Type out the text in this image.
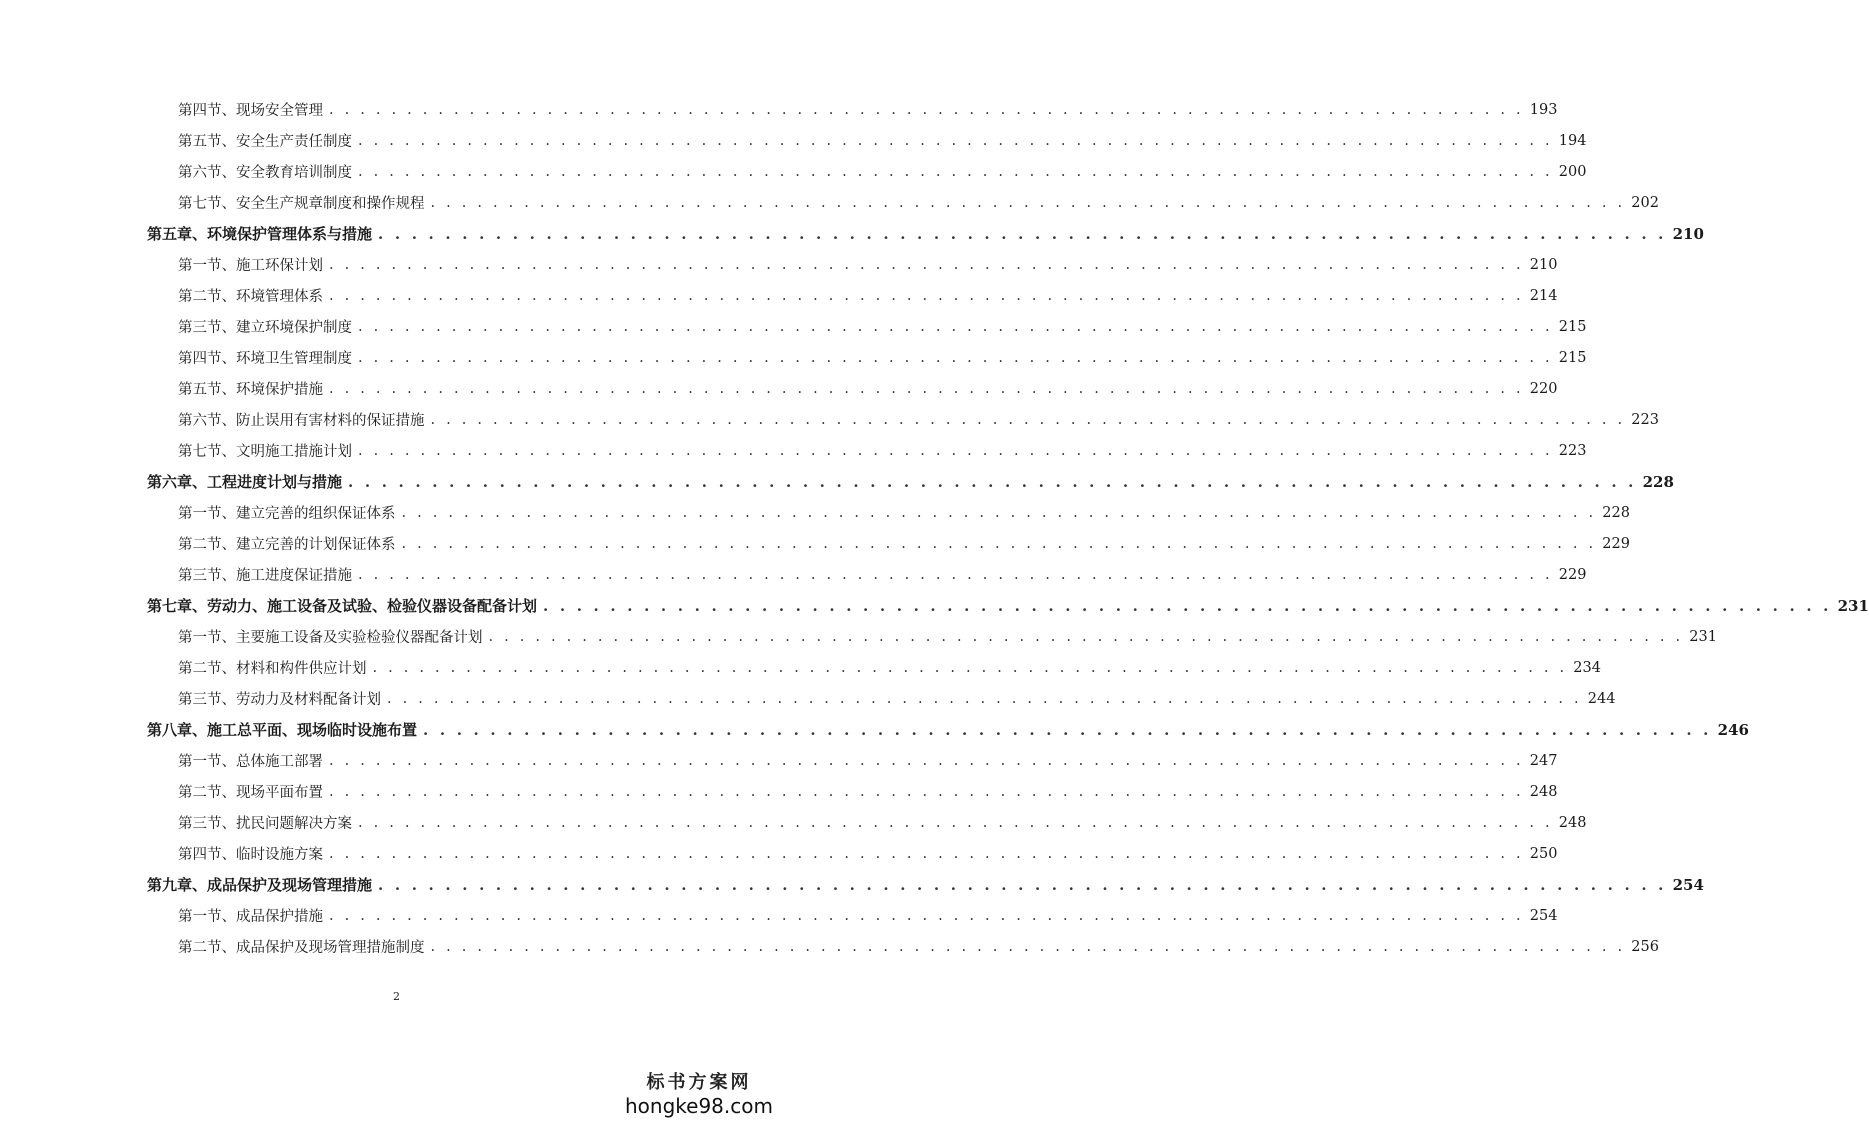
第四节、现场安全管理 . . . . . . . . . . . . . . . . . . . . . . . . . . . . . . . . . . . . . . . . . . . . . . . . . . . . . . . . . . . . . . . . . . . . . . . . . . . . . 193
第五节、安全生产责任制度 . . . . . . . . . . . . . . . . . . . . . . . . . . . . . . . . . . . . . . . . . . . . . . . . . . . . . . . . . . . . . . . . . . . . . . . . . . . . . 194
第六节、安全教育培训制度 . . . . . . . . . . . . . . . . . . . . . . . . . . . . . . . . . . . . . . . . . . . . . . . . . . . . . . . . . . . . . . . . . . . . . . . . . . . . . 200
第七节、安全生产规章制度和操作规程 . . . . . . . . . . . . . . . . . . . . . . . . . . . . . . . . . . . . . . . . . . . . . . . . . . . . . . . . . . . . . . . . . . . . . . . . . . . . . 202
第五章、环境保护管理体系与措施 . . . . . . . . . . . . . . . . . . . . . . . . . . . . . . . . . . . . . . . . . . . . . . . . . . . . . . . . . . . . . . . . . . . . . . . . . . . . . 210
第一节、施工环保计划 . . . . . . . . . . . . . . . . . . . . . . . . . . . . . . . . . . . . . . . . . . . . . . . . . . . . . . . . . . . . . . . . . . . . . . . . . . . . . 210
第二节、环境管理体系 . . . . . . . . . . . . . . . . . . . . . . . . . . . . . . . . . . . . . . . . . . . . . . . . . . . . . . . . . . . . . . . . . . . . . . . . . . . . . 214
第三节、建立环境保护制度 . . . . . . . . . . . . . . . . . . . . . . . . . . . . . . . . . . . . . . . . . . . . . . . . . . . . . . . . . . . . . . . . . . . . . . . . . . . . . 215
第四节、环境卫生管理制度 . . . . . . . . . . . . . . . . . . . . . . . . . . . . . . . . . . . . . . . . . . . . . . . . . . . . . . . . . . . . . . . . . . . . . . . . . . . . . 215
第五节、环境保护措施 . . . . . . . . . . . . . . . . . . . . . . . . . . . . . . . . . . . . . . . . . . . . . . . . . . . . . . . . . . . . . . . . . . . . . . . . . . . . . 220
第六节、防止误用有害材料的保证措施 . . . . . . . . . . . . . . . . . . . . . . . . . . . . . . . . . . . . . . . . . . . . . . . . . . . . . . . . . . . . . . . . . . . . . . . . . . . . . 223
第七节、文明施工措施计划 . . . . . . . . . . . . . . . . . . . . . . . . . . . . . . . . . . . . . . . . . . . . . . . . . . . . . . . . . . . . . . . . . . . . . . . . . . . . . 223
第六章、工程进度计划与措施 . . . . . . . . . . . . . . . . . . . . . . . . . . . . . . . . . . . . . . . . . . . . . . . . . . . . . . . . . . . . . . . . . . . . . . . . . . . . . 228
第一节、建立完善的组织保证体系 . . . . . . . . . . . . . . . . . . . . . . . . . . . . . . . . . . . . . . . . . . . . . . . . . . . . . . . . . . . . . . . . . . . . . . . . . . . . . 228
第二节、建立完善的计划保证体系 . . . . . . . . . . . . . . . . . . . . . . . . . . . . . . . . . . . . . . . . . . . . . . . . . . . . . . . . . . . . . . . . . . . . . . . . . . . . . 229
第三节、施工进度保证措施 . . . . . . . . . . . . . . . . . . . . . . . . . . . . . . . . . . . . . . . . . . . . . . . . . . . . . . . . . . . . . . . . . . . . . . . . . . . . . 229
第七章、劳动力、施工设备及试验、检验仪器设备配备计划 . . . . . . . . . . . . . . . . . . . . . . . . . . . . . . . . . . . . . . . . . . . . . . . . . . . . . . . . . . . . . . . . . . . . . . . . . . . . . 231
第一节、主要施工设备及实验检验仪器配备计划 . . . . . . . . . . . . . . . . . . . . . . . . . . . . . . . . . . . . . . . . . . . . . . . . . . . . . . . . . . . . . . . . . . . . . . . . . . . . . 231
第二节、材料和构件供应计划 . . . . . . . . . . . . . . . . . . . . . . . . . . . . . . . . . . . . . . . . . . . . . . . . . . . . . . . . . . . . . . . . . . . . . . . . . . . . . 234
第三节、劳动力及材料配备计划 . . . . . . . . . . . . . . . . . . . . . . . . . . . . . . . . . . . . . . . . . . . . . . . . . . . . . . . . . . . . . . . . . . . . . . . . . . . . . 244
第八章、施工总平面、现场临时设施布置 . . . . . . . . . . . . . . . . . . . . . . . . . . . . . . . . . . . . . . . . . . . . . . . . . . . . . . . . . . . . . . . . . . . . . . . . . . . . . 246
第一节、总体施工部署 . . . . . . . . . . . . . . . . . . . . . . . . . . . . . . . . . . . . . . . . . . . . . . . . . . . . . . . . . . . . . . . . . . . . . . . . . . . . . 247
第二节、现场平面布置 . . . . . . . . . . . . . . . . . . . . . . . . . . . . . . . . . . . . . . . . . . . . . . . . . . . . . . . . . . . . . . . . . . . . . . . . . . . . . 248
第三节、扰民问题解决方案 . . . . . . . . . . . . . . . . . . . . . . . . . . . . . . . . . . . . . . . . . . . . . . . . . . . . . . . . . . . . . . . . . . . . . . . . . . . . . 248
第四节、临时设施方案 . . . . . . . . . . . . . . . . . . . . . . . . . . . . . . . . . . . . . . . . . . . . . . . . . . . . . . . . . . . . . . . . . . . . . . . . . . . . . 250
第九章、成品保护及现场管理措施 . . . . . . . . . . . . . . . . . . . . . . . . . . . . . . . . . . . . . . . . . . . . . . . . . . . . . . . . . . . . . . . . . . . . . . . . . . . . . 254
第一节、成品保护措施 . . . . . . . . . . . . . . . . . . . . . . . . . . . . . . . . . . . . . . . . . . . . . . . . . . . . . . . . . . . . . . . . . . . . . . . . . . . . . 254
第二节、成品保护及现场管理措施制度 . . . . . . . . . . . . . . . . . . . . . . . . . . . . . . . . . . . . . . . . . . . . . . . . . . . . . . . . . . . . . . . . . . . . . . . . . . . . . 256
2
标书方案网
hongke98.com
